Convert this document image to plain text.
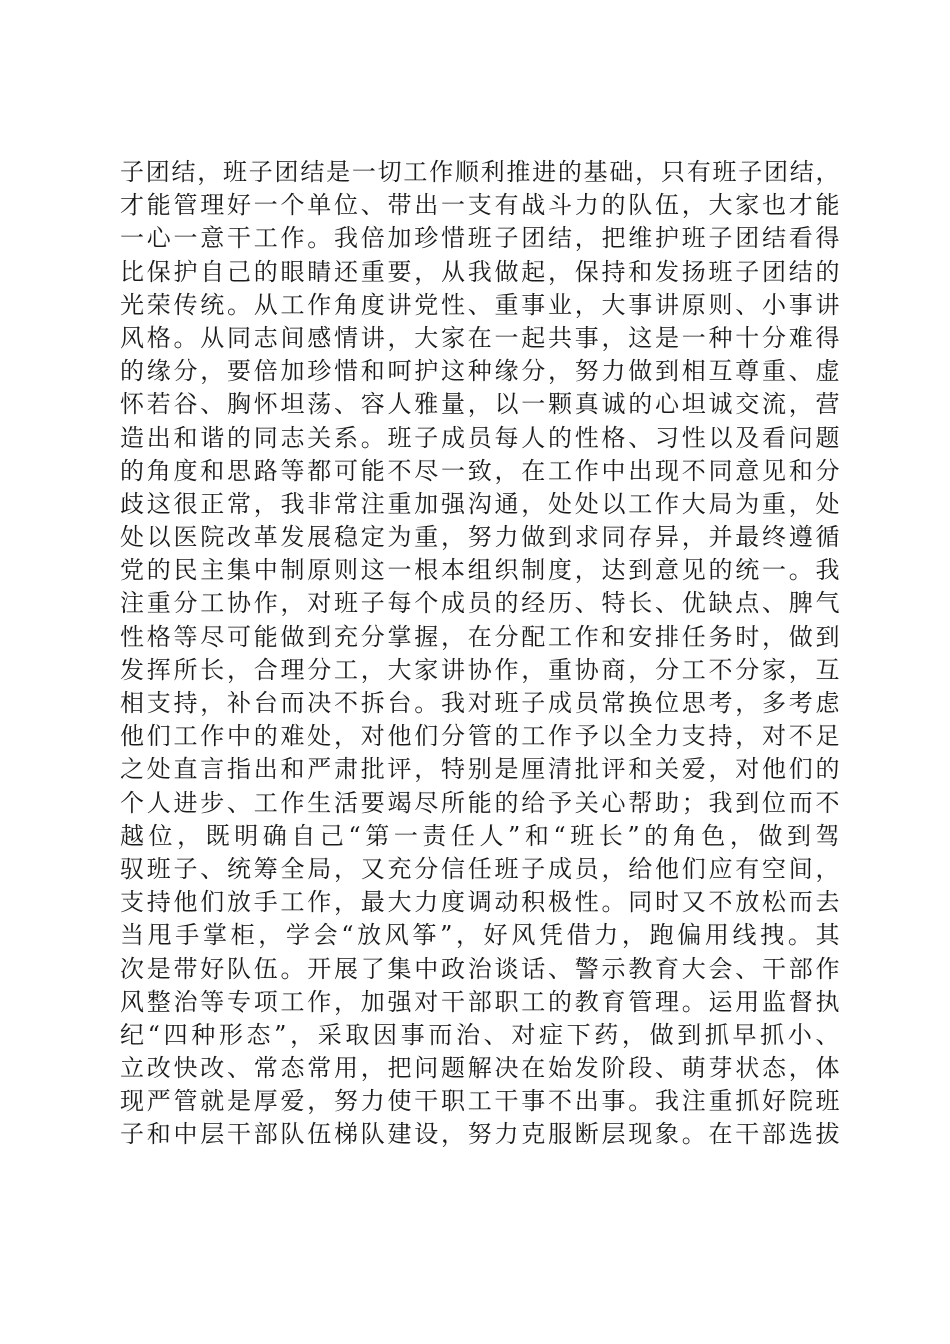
子团结，班子团结是一切工作顺利推进的基础，只有班子团结，
才能管理好一个单位、带出一支有战斗力的队伍，大家也才能
一心一意干工作。我倍加珍惜班子团结，把维护班子团结看得
比保护自己的眼睛还重要，从我做起，保持和发扬班子团结的
光荣传统。从工作角度讲党性、重事业，大事讲原则、小事讲
风格。从同志间感情讲，大家在一起共事，这是一种十分难得
的缘分，要倍加珍惜和呵护这种缘分，努力做到相互尊重、虚
怀若谷、胸怀坦荡、容人雅量，以一颗真诚的心坦诚交流，营
造出和谐的同志关系。班子成员每人的性格、习性以及看问题
的角度和思路等都可能不尽一致，在工作中出现不同意见和分
歧这很正常，我非常注重加强沟通，处处以工作大局为重，处
处以医院改革发展稳定为重，努力做到求同存异，并最终遵循
党的民主集中制原则这一根本组织制度，达到意见的统一。我
注重分工协作，对班子每个成员的经历、特长、优缺点、脾气
性格等尽可能做到充分掌握，在分配工作和安排任务时，做到
发挥所长，合理分工，大家讲协作，重协商，分工不分家，互
相支持，补台而决不拆台。我对班子成员常换位思考，多考虑
他们工作中的难处，对他们分管的工作予以全力支持，对不足
之处直言指出和严肃批评，特别是厘清批评和关爱，对他们的
个人进步、工作生活要竭尽所能的给予关心帮助；我到位而不
越位，既明确自己“第一责任人”和“班长”的角色，做到驾
驭班子、统筹全局，又充分信任班子成员，给他们应有空间，
支持他们放手工作，最大力度调动积极性。同时又不放松而去
当甩手掌柜，学会“放风筝”，好风凭借力，跑偏用线拽。其
次是带好队伍。开展了集中政治谈话、警示教育大会、干部作
风整治等专项工作，加强对干部职工的教育管理。运用监督执
纪“四种形态”，采取因事而治、对症下药，做到抓早抓小、
立改快改、常态常用，把问题解决在始发阶段、萌芽状态，体
现严管就是厚爱，努力使干职工干事不出事。我注重抓好院班
子和中层干部队伍梯队建设，努力克服断层现象。在干部选拔
